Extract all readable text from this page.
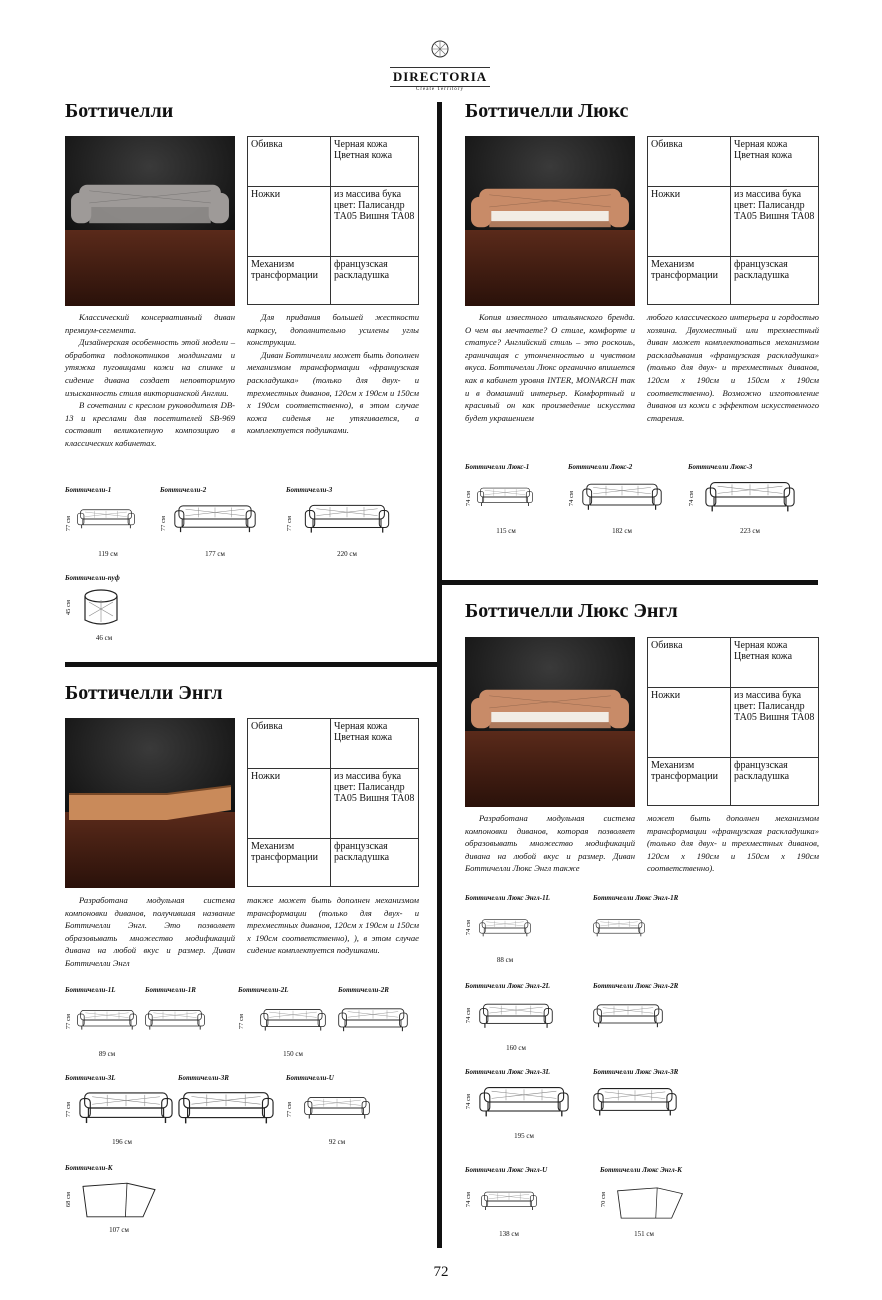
DIRECTORIA
Create Territory
Боттичелли
Обивка	Черная кожа Цветная кожа
Ножки	из массива бука цвет: Палисандр ТА05 Вишня ТА08
Механизм трансформации	французская раскладушка

Классический консервативный диван премиум-сегмента.

Дизайнерская особенность этой модели – обработка подлокотников молдингами и утяжка пуговицами кожи на спинке и сидение дивана создает неповторимую изысканность стиля викторианской Англии.

В сочетании с креслом руководителя DB-13 и креслами для посетителей SB-969 составит великолепную композицию в классических кабинетах.

Для придания большей жесткости каркасу, дополнительно усилены углы конструкции.

Диван Боттичелли может быть дополнен механизмом трансформации «французская раскладушка» (только для двух- и трехместных диванов, 120см х 190см и 150см х 190см соответственно), в этом случае кожа сиденья не утягивается, а комплектуется подушками.

Боттичелли-1
77 см
119 см
Боттичелли-2
77 см
177 см
Боттичелли-3
77 см
220 см
Боттичелли-пуф
45 см
46 см
Боттичелли Люкс
Обивка	Черная кожа Цветная кожа
Ножки	из массива бука цвет: Палисандр ТА05 Вишня ТА08
Механизм трансформации	французская раскладушка

Копия известного итальянского бренда. О чем вы мечтаете? О стиле, комфорте и статусе? Английский стиль – это роскошь, граничащая с утонченностью и чувством вкуса. Боттичелли Люкс органично впишется как в кабинет уровня INTER, MONARCH так и в домашний интерьер. Комфортный и красивый он как произведение искусства будет украшением

любого классического интерьера и гордостью хозяина. Двухместный или трехместный диван может комплектоваться механизмом раскладывания «французская раскладушка» (только для двух- и трехместных диванов, 120см х 190см и 150см х 190см соответственно). Возможно изготовление диванов из кожи с эффектом искусственного старения.

Боттичелли Люкс-1
74 см
115 см
Боттичелли Люкс-2
74 см
182 см
Боттичелли Люкс-3
74 см
223 см
Боттичелли Энгл
Обивка	Черная кожа Цветная кожа
Ножки	из массива бука цвет: Палисандр ТА05 Вишня ТА08
Механизм трансформации	французская раскладушка

Разработана модульная система компоновки диванов, получившая название Боттичелли Энгл. Это позволяет образовывать множество модификаций дивана на любой вкус и размер. Диван Боттичелли Энгл

также может быть дополнен механизмом трансформации (только для двух- и трехместных диванов, 120см х 190см и 150см х 190см соответственно), ), в этом случае сидение комплектуется подушками.

Боттичелли-1L
77 см
89 см
Боттичелли-1R	Боттичелли-2L
77 см
150 см
Боттичелли-2R
Боттичелли-3L
77 см
196 см
Боттичелли-3R	Боттичелли-U
77 см
92 см
Боттичелли-К
68 см
107 см
Боттичелли Люкс Энгл
Обивка	Черная кожа Цветная кожа
Ножки	из массива бука цвет: Палисандр ТА05 Вишня ТА08
Механизм трансформации	французская раскладушка

Разработана модульная система компоновки диванов, которая позволяет образовывать множество модификаций дивана на любой вкус и размер. Диван Боттичелли Люкс Энгл также

может быть дополнен механизмом трансформации «французская раскладушка» (только для двух- и трехместных диванов, 120см х 190см и 150см х 190см соответственно).

Боттичелли Люкс Энгл-1L
74 см
88 см
Боттичелли Люкс Энгл-1R
Боттичелли Люкс Энгл-2L
74 см
160 см
Боттичелли Люкс Энгл-2R
Боттичелли Люкс Энгл-3L
74 см
195 см
Боттичелли Люкс Энгл-3R
Боттичелли Люкс Энгл-U
74 см
138 см
Боттичелли Люкс Энгл-К
70 см
151 см
72
